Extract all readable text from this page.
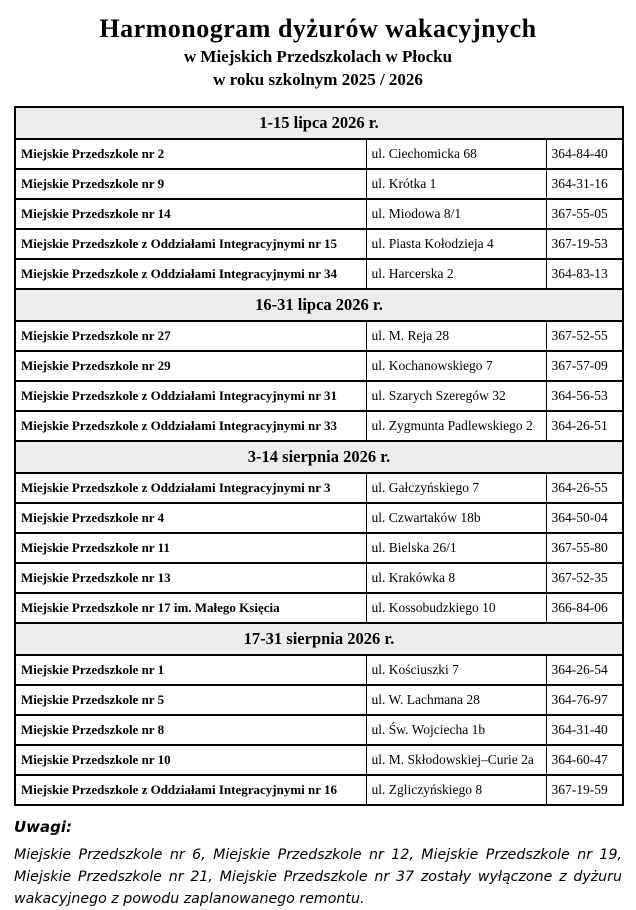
Harmonogram dyżurów wakacyjnych
w Miejskich Przedszkolach w Płocku
w roku szkolnym 2025 / 2026
1-15 lipca 2026 r.		
Miejskie Przedszkole nr 2	ul. Ciechomicka 68	364-84-40
Miejskie Przedszkole nr 9	ul. Krótka 1	364-31-16
Miejskie Przedszkole nr 14	ul. Miodowa 8/1	367-55-05
Miejskie Przedszkole z Oddziałami Integracyjnymi nr 15	ul. Piasta Kołodzieja 4	367-19-53
Miejskie Przedszkole z Oddziałami Integracyjnymi nr 34	ul. Harcerska 2	364-83-13
16-31 lipca 2026 r.		
Miejskie Przedszkole nr 27	ul. M. Reja 28	367-52-55
Miejskie Przedszkole nr 29	ul. Kochanowskiego 7	367-57-09
Miejskie Przedszkole z Oddziałami Integracyjnymi nr 31	ul. Szarych Szeregów 32	364-56-53
Miejskie Przedszkole z Oddziałami Integracyjnymi nr 33	ul. Zygmunta Padlewskiego 2	364-26-51
3-14 sierpnia 2026 r.		
Miejskie Przedszkole z Oddziałami Integracyjnymi nr 3	ul. Gałczyńskiego 7	364-26-55
Miejskie Przedszkole nr 4	ul. Czwartaków 18b	364-50-04
Miejskie Przedszkole nr 11	ul. Bielska 26/1	367-55-80
Miejskie Przedszkole nr 13	ul. Krakówka 8	367-52-35
Miejskie Przedszkole nr 17 im. Małego Księcia	ul. Kossobudzkiego 10	366-84-06
17-31 sierpnia 2026 r.		
Miejskie Przedszkole nr 1	ul. Kościuszki 7	364-26-54
Miejskie Przedszkole nr 5	ul. W. Lachmana 28	364-76-97
Miejskie Przedszkole nr 8	ul. Św. Wojciecha 1b	364-31-40
Miejskie Przedszkole nr 10	ul. M. Skłodowskiej–Curie 2a	364-60-47
Miejskie Przedszkole z Oddziałami Integracyjnymi nr 16	ul. Zgliczyńskiego 8	367-19-59

Uwagi:

Miejskie Przedszkole nr 6, Miejskie Przedszkole nr 12, Miejskie Przedszkole nr 19, Miejskie Przedszkole nr 21, Miejskie Przedszkole nr 37 zostały wyłączone z dyżuru wakacyjnego z powodu zaplanowanego remontu.
